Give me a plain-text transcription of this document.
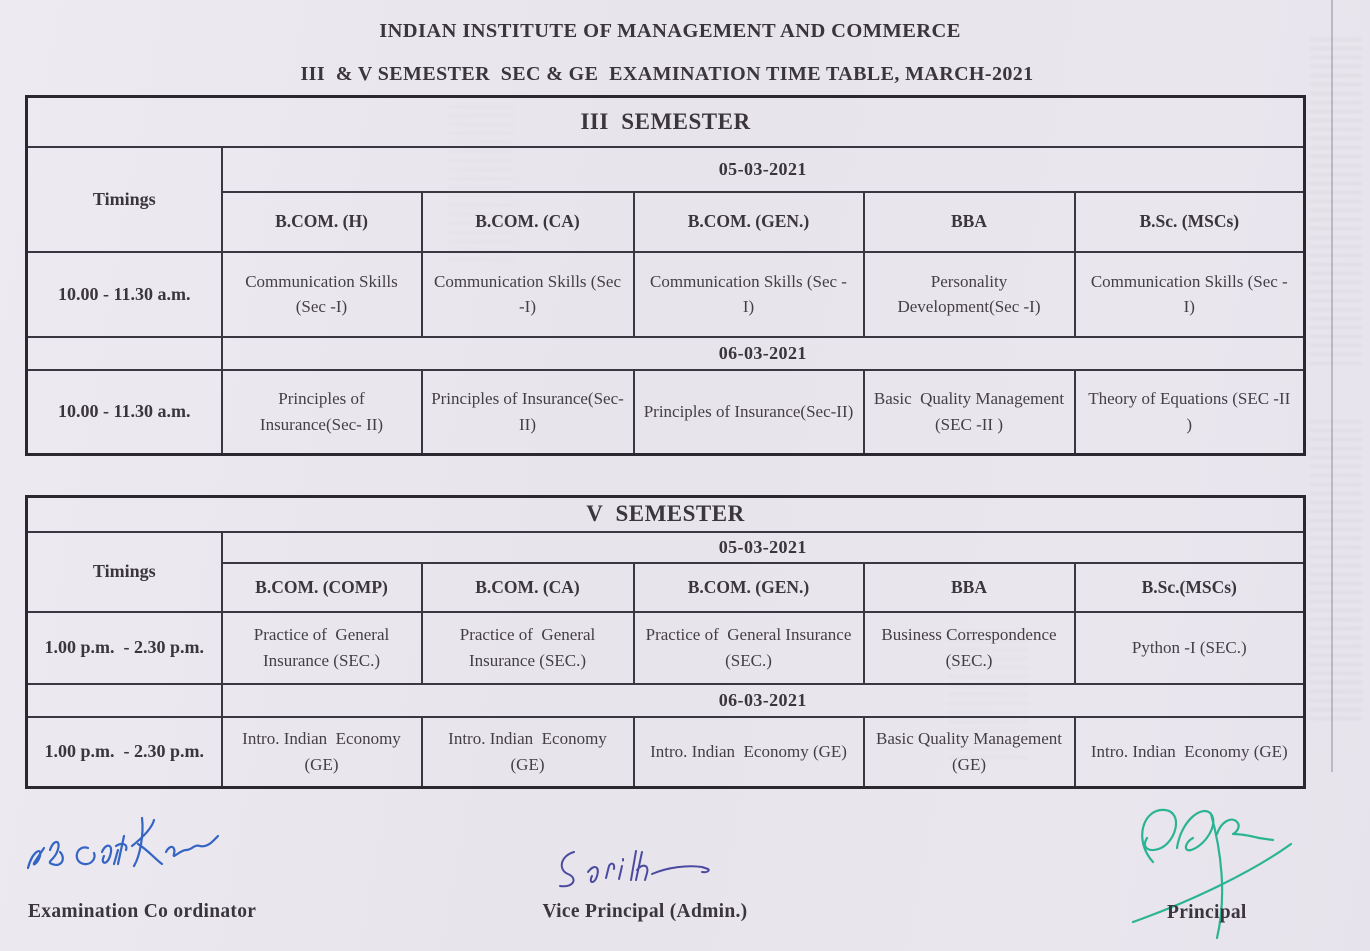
INDIAN INSTITUTE OF MANAGEMENT AND COMMERCE
III  & V SEMESTER  SEC & GE  EXAMINATION TIME TABLE, MARCH-2021
III  SEMESTER					
Timings	05-03-2021				
	B.COM. (H)	B.COM. (CA)	B.COM. (GEN.)	BBA	B.Sc. (MSCs)
10.00 - 11.30 a.m.	Communication Skills (Sec -I)	Communication Skills (Sec -I)	Communication Skills (Sec - I)	Personality Development(Sec -I)	Communication Skills (Sec - I)
	06-03-2021				
10.00 - 11.30 a.m.	Principles of Insurance(Sec- II)	Principles of Insurance(Sec- II)	Principles of Insurance(Sec-II)	Basic  Quality Management (SEC -II )	Theory of Equations (SEC -II )
V  SEMESTER					
Timings	05-03-2021				
	B.COM. (COMP)	B.COM. (CA)	B.COM. (GEN.)	BBA	B.Sc.(MSCs)
1.00 p.m.  - 2.30 p.m.	Practice of  General Insurance (SEC.)	Practice of  General Insurance (SEC.)	Practice of  General Insurance (SEC.)	Business Correspondence (SEC.)	Python -I (SEC.)
	06-03-2021				
1.00 p.m.  - 2.30 p.m.	Intro. Indian  Economy (GE)	Intro. Indian  Economy (GE)	Intro. Indian  Economy (GE)	Basic Quality Management (GE)	Intro. Indian  Economy (GE)
Examination Co ordinator	Vice Principal (Admin.)	Principal
